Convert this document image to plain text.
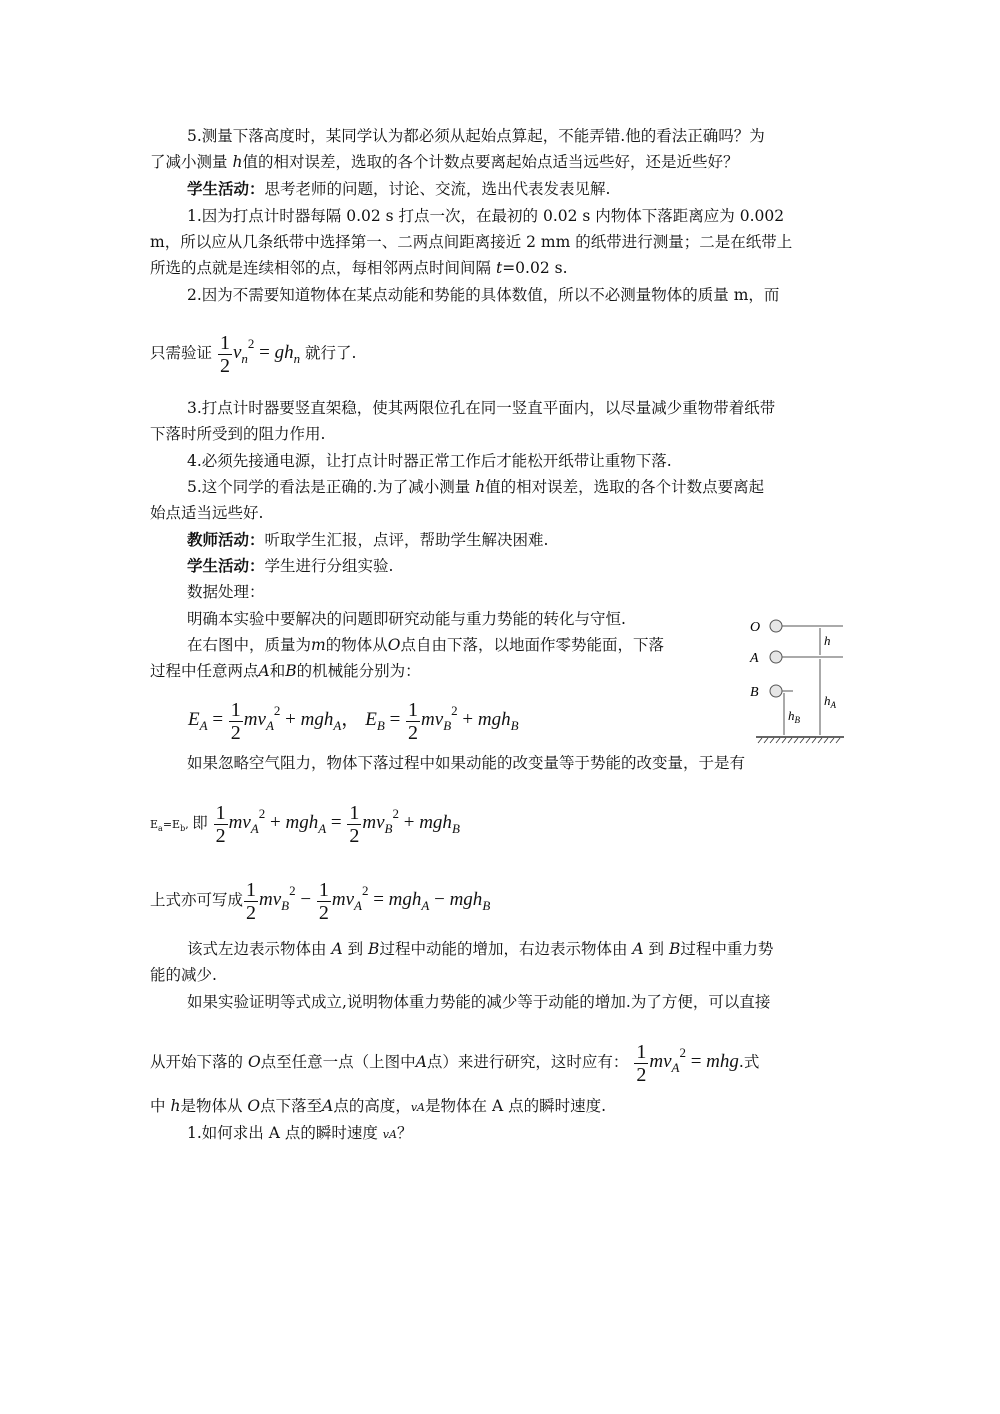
5.测量下落高度时，某同学认为都必须从起始点算起，不能弄错.他的看法正确吗？为
了减小测量 h值的相对误差，选取的各个计数点要离起始点适当远些好，还是近些好？
学生活动：思考老师的问题，讨论、交流，选出代表发表见解.
1.因为打点计时器每隔 0.02 s 打点一次，在最初的 0.02 s 内物体下落距离应为 0.002
m，所以应从几条纸带中选择第一、二两点间距离接近 2 mm 的纸带进行测量；二是在纸带上
所选的点就是连续相邻的点，每相邻两点时间间隔 t=0.02 s.
2.因为不需要知道物体在某点动能和势能的具体数值，所以不必测量物体的质量 m，而
只需验证 $\frac{1}{2} v_n^2 = gh_n$ 就行了.
3.打点计时器要竖直架稳，使其两限位孔在同一竖直平面内，以尽量减少重物带着纸带
下落时所受到的阻力作用.
4.必须先接通电源，让打点计时器正常工作后才能松开纸带让重物下落.
5.这个同学的看法是正确的.为了减小测量 h值的相对误差，选取的各个计数点要离起
始点适当远些好.
教师活动：听取学生汇报，点评，帮助学生解决困难.
学生活动：学生进行分组实验.
数据处理：
明确本实验中要解决的问题即研究动能与重力势能的转化与守恒.
在右图中，质量为m的物体从O点自由下落，以地面作零势能面，下落
过程中任意两点A和B的机械能分别为：
$E_A = \frac{1}{2} mv_A^2 + mgh_A$， $E_B = \frac{1}{2} mv_B^2 + mgh_B$
O
A
B
h
$h_A$
$h_B$
如果忽略空气阻力，物体下落过程中如果动能的改变量等于势能的改变量，于是有
$E_a=E_b$, 即 $\frac{1}{2} mv_A^2 + mgh_A = \frac{1}{2} mv_B^2 + mgh_B$
上式亦可写成 $\frac{1}{2} mv_B^2 - \frac{1}{2} mv_A^2 = mgh_A - mgh_B$
该式左边表示物体由 A 到 B过程中动能的增加，右边表示物体由 A 到 B过程中重力势
能的减少.
如果实验证明等式成立,说明物体重力势能的减少等于动能的增加.为了方便，可以直接
从开始下落的 O点至任意一点（上图中A点）来进行研究，这时应有： $\frac{1}{2} mv_A^2$ = mhg.式
中 h是物体从 O点下落至A点的高度，vA是物体在 A 点的瞬时速度.
1.如何求出 A 点的瞬时速度 vA？
